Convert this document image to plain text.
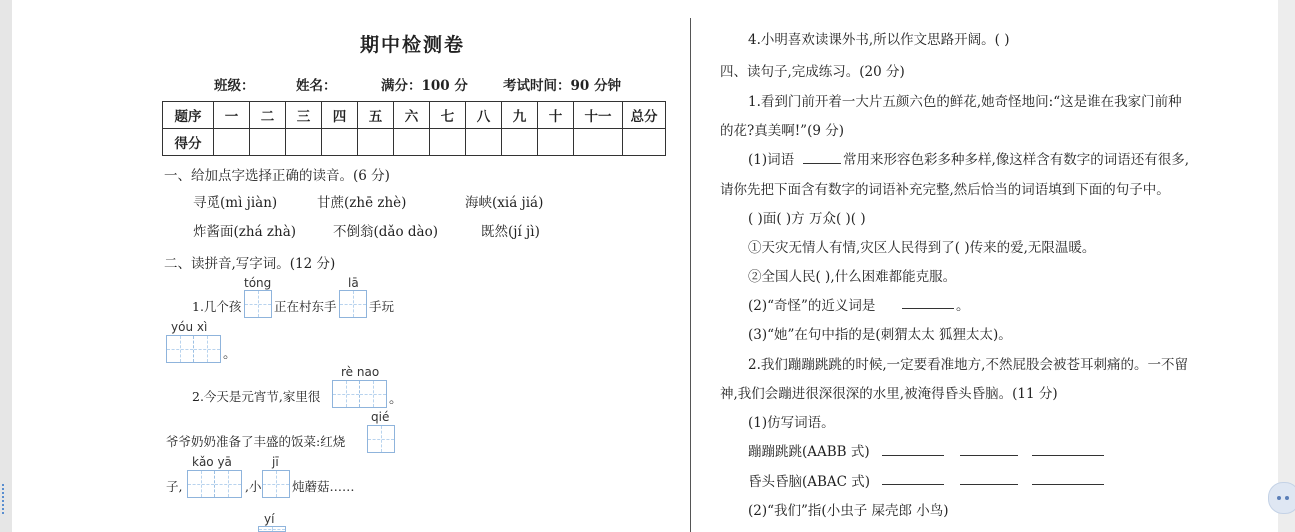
期中检测卷
班级：	姓名：	满分：100 分	考试时间：90 分钟
题序	一	二	三	四	五	六	七	八	九	十	十一	总分
得分												
一、给加点字选择正确的读音。(6 分)
寻觅(mì jiàn)	甘蔗(zhē zhè)	海峡(xiá jiá)
炸酱面(zhá zhà)	不倒翁(dǎo dào)	既然(jí jì)
二、读拼音,写字词。(12 分)
tóng	lā
1.几个孩	正在村东手	手玩
yóu xì
。
rè nao
2.今天是元宵节,家里很	。
qié
爷爷奶奶准备了丰盛的饭菜:红烧
kǎo yā	jī
子,	,小 炖蘑菇……
yí
4.小明喜欢读课外书,所以作文思路开阔。( )
四、读句子,完成练习。(20 分)
1.看到门前开着一大片五颜六色的鲜花,她奇怪地问:“这是谁在我家门前种
的花?真美啊!”(9 分)
(1)词语	常用来形容色彩多种多样,像这样含有数字的词语还有很多,
请你先把下面含有数字的词语补充完整,然后恰当的词语填到下面的句子中。
( )面( )方 万众( )( )
①天灾无情人有情,灾区人民得到了( )传来的爱,无限温暖。
②全国人民( ),什么困难都能克服。
(2)“奇怪”的近义词是	。
(3)“她”在句中指的是(刺猬太太 狐狸太太)。
2.我们蹦蹦跳跳的时候,一定要看准地方,不然屁股会被苍耳刺痛的。一不留
神,我们会蹦进很深很深的水里,被淹得昏头昏脑。(11 分)
(1)仿写词语。
蹦蹦跳跳(AABB 式)
昏头昏脑(ABAC 式)
(2)“我们”指(小虫子 屎壳郎 小鸟)
